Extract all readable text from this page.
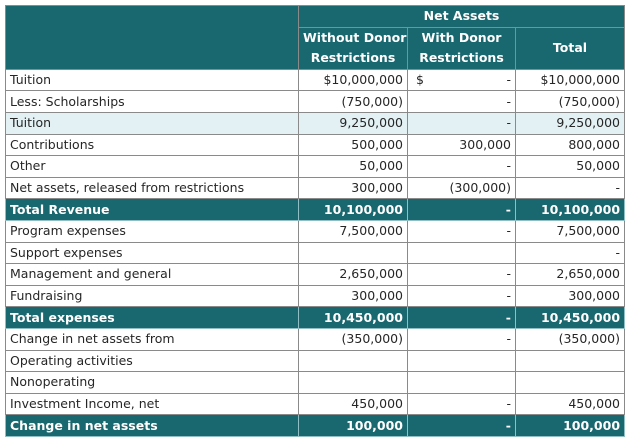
	Net Assets		
	Without Donor	With Donor	Total
	Restrictions	Restrictions	
Tuition	$10,000,000	$ -	$10,000,000
Less: Scholarships	(750,000)	-	(750,000)
Tuition	9,250,000	-	9,250,000
Contributions	500,000	300,000	800,000
Other	50,000	-	50,000
Net assets, released from restrictions	300,000	(300,000)	-
Total Revenue	10,100,000	-	10,100,000
Program expenses	7,500,000	-	7,500,000
Support expenses			-
Management and general	2,650,000	-	2,650,000
Fundraising	300,000	-	300,000
Total expenses	10,450,000	-	10,450,000
Change in net assets from	(350,000)	-	(350,000)
Operating activities			
Nonoperating			
Investment Income, net	450,000	-	450,000
Change in net assets	100,000	-	100,000
